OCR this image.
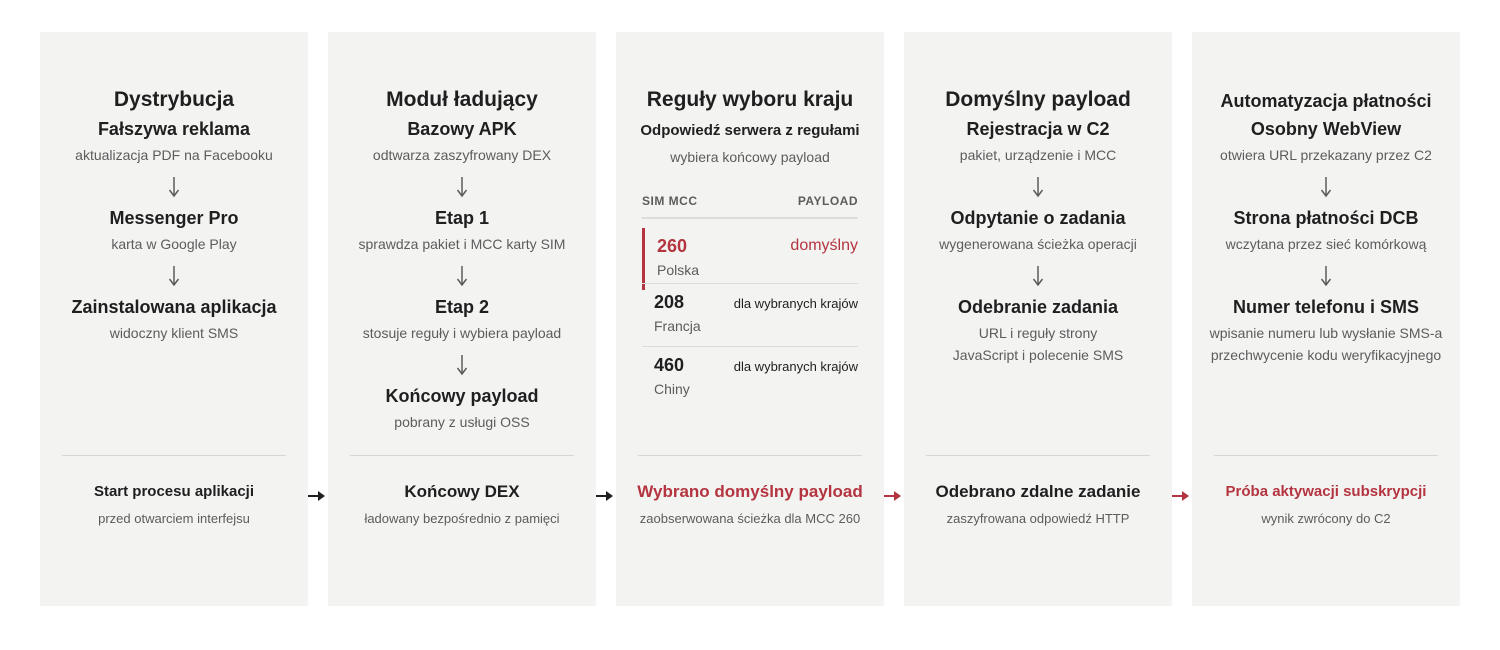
Dystrybucja
Fałszywa reklama
aktualizacja PDF na Facebooku
Messenger Pro
karta w Google Play
Zainstalowana aplikacja
widoczny klient SMS
Start procesu aplikacji
przed otwarciem interfejsu
Moduł ładujący
Bazowy APK
odtwarza zaszyfrowany DEX
Etap 1
sprawdza pakiet i MCC karty SIM
Etap 2
stosuje reguły i wybiera payload
Końcowy payload
pobrany z usługi OSS
Końcowy DEX
ładowany bezpośrednio z pamięci
Reguły wyboru kraju
Odpowiedź serwera z regułami
wybiera końcowy payload
SIM MCC	PAYLOAD
260
Polska
domyślny
208
Francja
dla wybranych krajów
460
Chiny
dla wybranych krajów
Wybrano domyślny payload
zaobserwowana ścieżka dla MCC 260
Domyślny payload
Rejestracja w C2
pakiet, urządzenie i MCC
Odpytanie o zadania
wygenerowana ścieżka operacji
Odebranie zadania
URL i reguły strony
JavaScript i polecenie SMS
Odebrano zdalne zadanie
zaszyfrowana odpowiedź HTTP
Automatyzacja płatności
Osobny WebView
otwiera URL przekazany przez C2
Strona płatności DCB
wczytana przez sieć komórkową
Numer telefonu i SMS
wpisanie numeru lub wysłanie SMS-a
przechwycenie kodu weryfikacyjnego
Próba aktywacji subskrypcji
wynik zwrócony do C2
